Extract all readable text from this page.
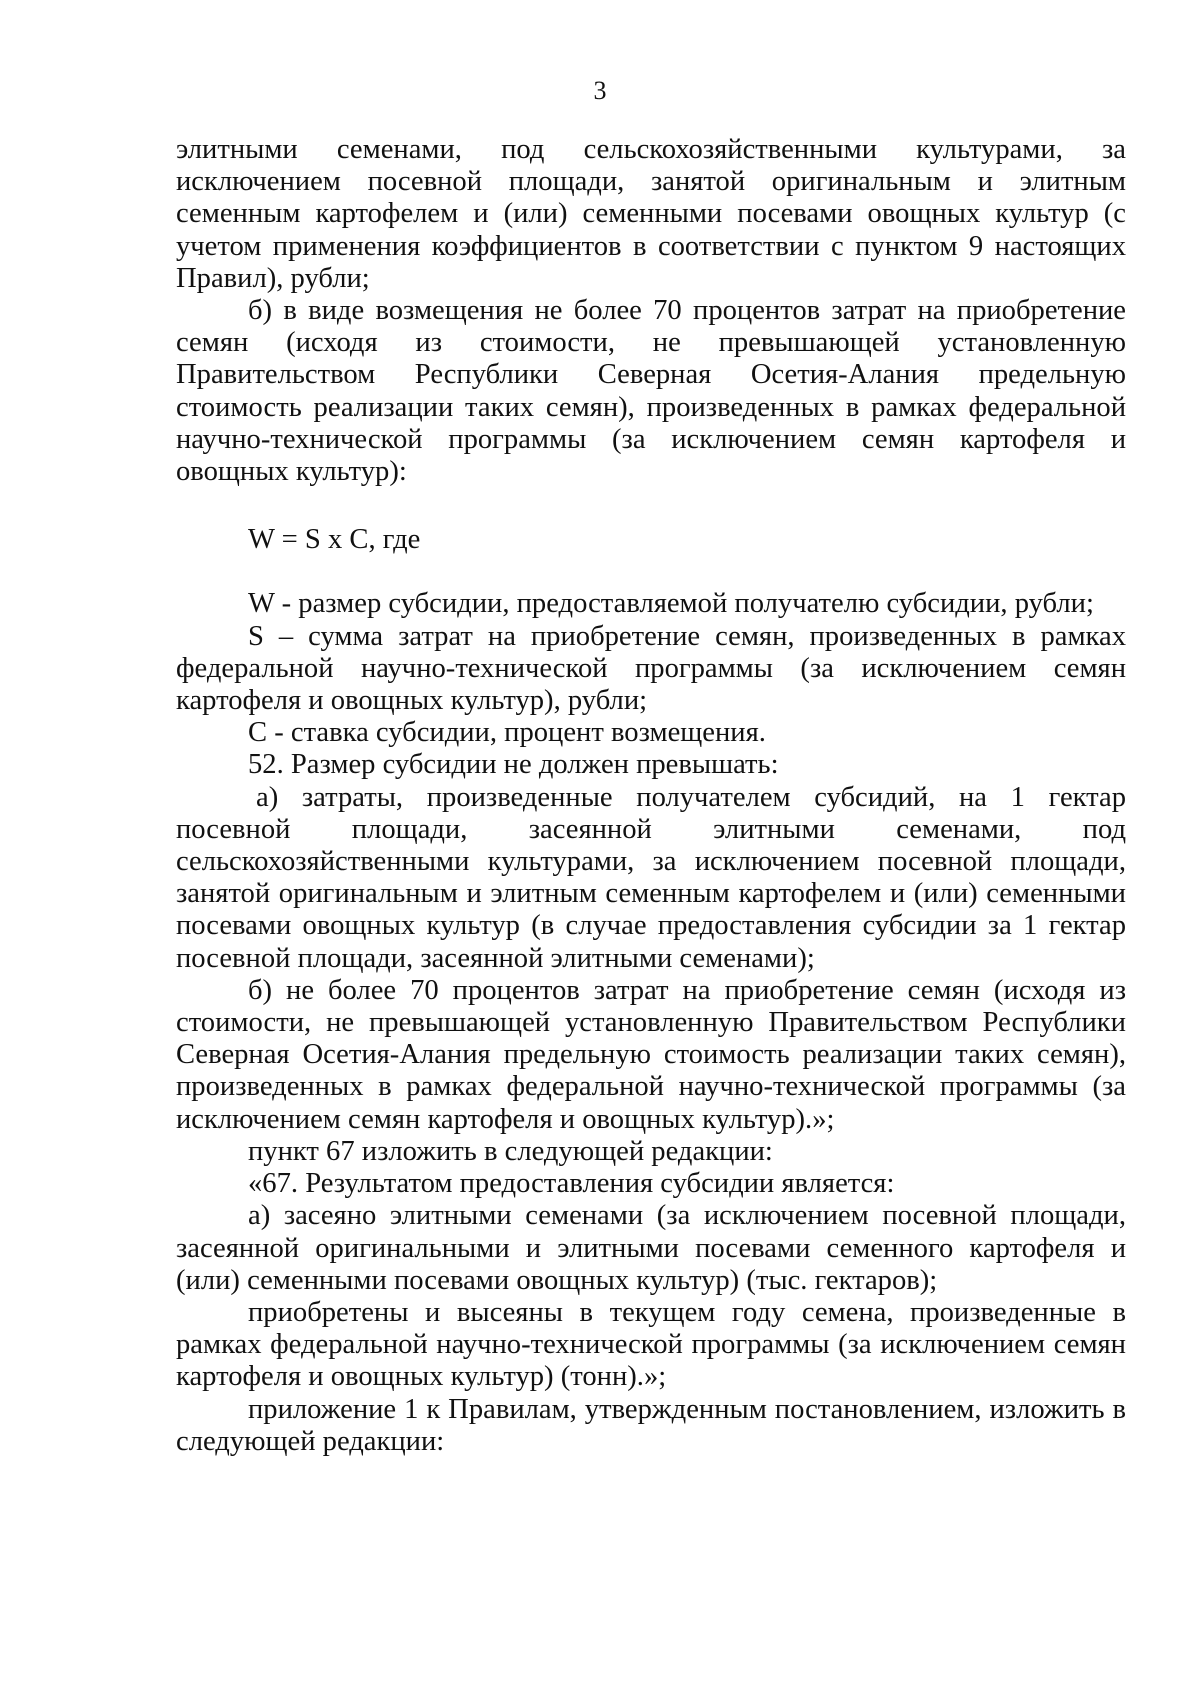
3

элитными семенами, под сельскохозяйственными культурами, за исключением посевной площади, занятой оригинальным и элитным семенным картофелем и (или) семенными посевами овощных культур (с учетом применения коэффициентов в соответствии с пунктом 9 настоящих Правил), рубли;

б) в виде возмещения не более 70 процентов затрат на приобретение семян (исходя из стоимости, не превышающей установленную Правительством Республики Северная Осетия-Алания предельную стоимость реализации таких семян), произведенных в рамках федеральной научно-технической программы (за исключением семян картофеля и овощных культур):

W = S x C, где

W - размер субсидии, предоставляемой получателю субсидии, рубли;

S – сумма затрат на приобретение семян, произведенных в рамках федеральной научно-технической программы (за исключением семян картофеля и овощных культур), рубли;

C - ставка субсидии, процент возмещения.

52. Размер субсидии не должен превышать:

а) затраты, произведенные получателем субсидий, на 1 гектар посевной площади, засеянной элитными семенами, под сельскохозяйственными культурами, за исключением посевной площади, занятой оригинальным и элитным семенным картофелем и (или) семенными посевами овощных культур (в случае предоставления субсидии за 1 гектар посевной площади, засеянной элитными семенами);

б) не более 70 процентов затрат на приобретение семян (исходя из стоимости, не превышающей установленную Правительством Республики Северная Осетия-Алания предельную стоимость реализации таких семян), произведенных в рамках федеральной научно-технической программы (за исключением семян картофеля и овощных культур).»;

пункт 67 изложить в следующей редакции:

«67. Результатом предоставления субсидии является:

а) засеяно элитными семенами (за исключением посевной площади, засеянной оригинальными и элитными посевами семенного картофеля и (или) семенными посевами овощных культур) (тыс. гектаров);

приобретены и высеяны в текущем году семена, произведенные в рамках федеральной научно-технической программы (за исключением семян картофеля и овощных культур) (тонн).»;

приложение 1 к Правилам, утвержденным постановлением, изложить в следующей редакции:
